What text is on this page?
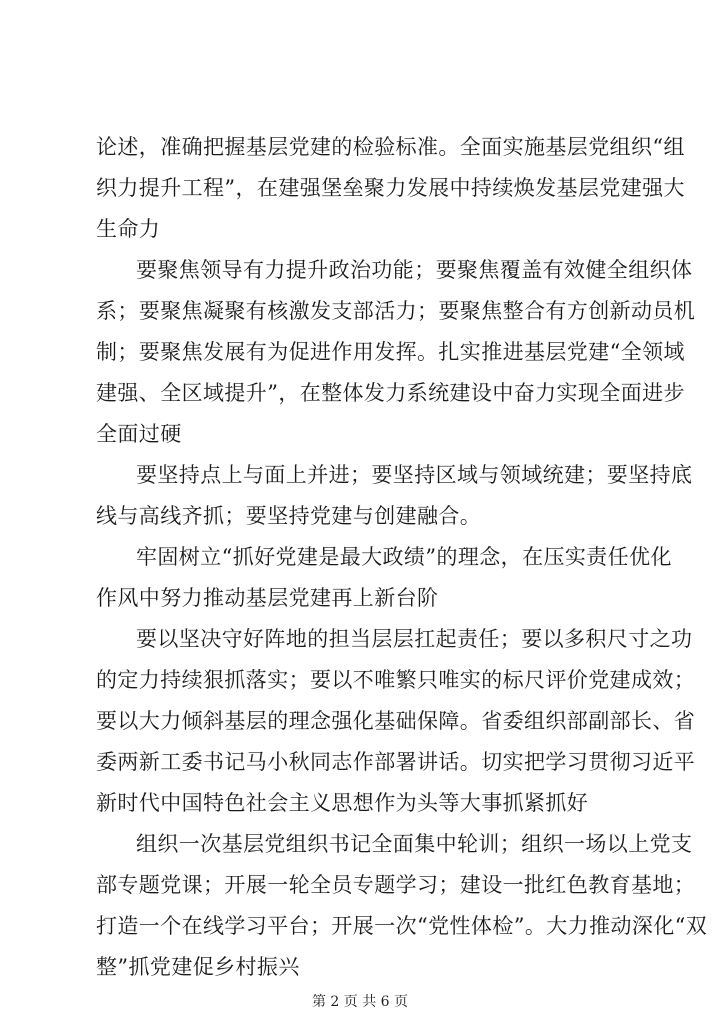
论述，准确把握基层党建的检验标准。全面实施基层党组织“组
织力提升工程”，在建强堡垒聚力发展中持续焕发基层党建强大
生命力
要聚焦领导有力提升政治功能；要聚焦覆盖有效健全组织体
系；要聚焦凝聚有核激发支部活力；要聚焦整合有方创新动员机
制；要聚焦发展有为促进作用发挥。扎实推进基层党建“全领域
建强、全区域提升”，在整体发力系统建设中奋力实现全面进步
全面过硬
要坚持点上与面上并进；要坚持区域与领域统建；要坚持底
线与高线齐抓；要坚持党建与创建融合。
牢固树立“抓好党建是最大政绩”的理念，在压实责任优化
作风中努力推动基层党建再上新台阶
要以坚决守好阵地的担当层层扛起责任；要以多积尺寸之功
的定力持续狠抓落实；要以不唯繁只唯实的标尺评价党建成效；
要以大力倾斜基层的理念强化基础保障。省委组织部副部长、省
委两新工委书记马小秋同志作部署讲话。切实把学习贯彻习近平
新时代中国特色社会主义思想作为头等大事抓紧抓好
组织一次基层党组织书记全面集中轮训；组织一场以上党支
部专题党课；开展一轮全员专题学习；建设一批红色教育基地；
打造一个在线学习平台；开展一次“党性体检”。大力推动深化“双
整”抓党建促乡村振兴
第 2 页 共 6 页
